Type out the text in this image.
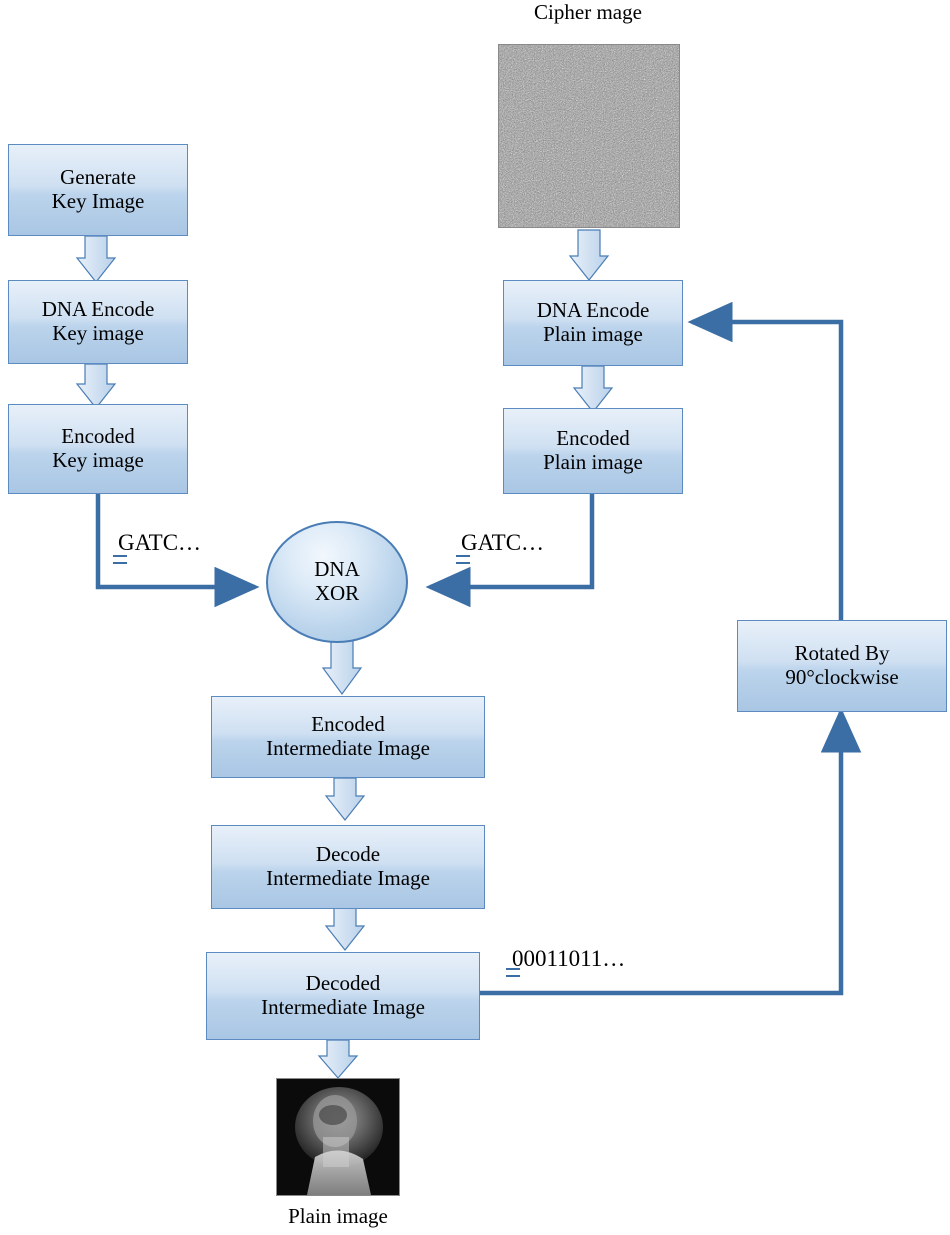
Cipher mage
Plain image
GATC…	GATC…
00011011…
Generate
Key Image
DNA Encode
Key image
Encoded
Key image
DNA Encode
Plain image
Encoded
Plain image
DNA
XOR
Encoded
Intermediate Image
Decode
Intermediate Image
Decoded
Intermediate Image
Rotated By
90°clockwise
